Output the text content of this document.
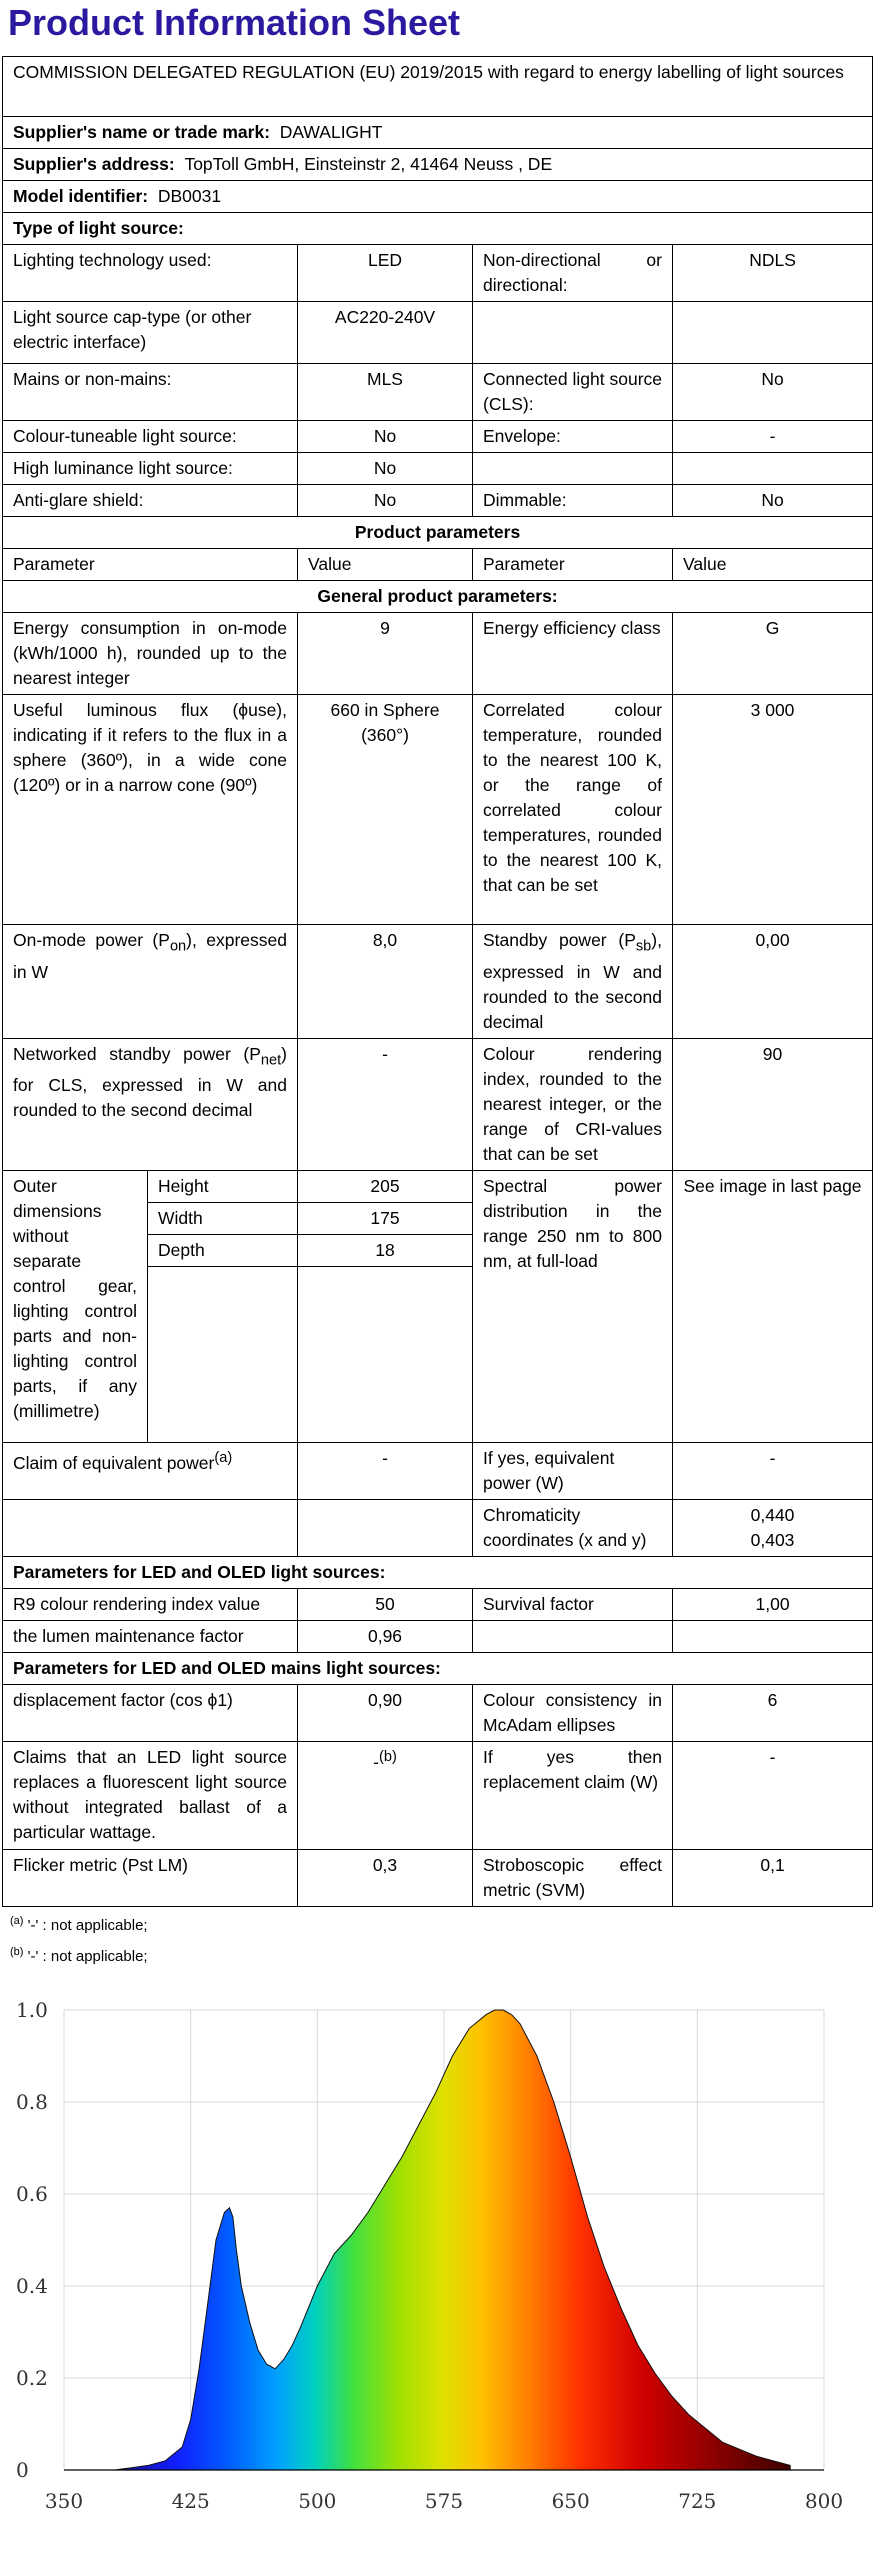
Product Information Sheet
COMMISSION DELEGATED REGULATION (EU) 2019/2015 with regard to energy labelling of light sources				
Supplier's name or trade mark: DAWALIGHT				
Supplier's address: TopToll GmbH, Einsteinstr 2, 41464 Neuss , DE				
Model identifier: DB0031				
Type of light source:				
Lighting technology used:		LED	Non-directional or directional:	NDLS
Light source cap-type (or other electric interface)		AC220-240V		
Mains or non-mains:		MLS	Connected light source (CLS):	No
Colour-tuneable light source:		No	Envelope:	-
High luminance light source:		No		
Anti-glare shield:		No	Dimmable:	No
Product parameters				
Parameter		Value	Parameter	Value
General product parameters:				
Energy consumption in on-mode (kWh/1000 h), rounded up to the nearest integer		9	Energy efficiency class	G
Useful luminous flux (ϕuse), indicating if it refers to the flux in a sphere (360º), in a wide cone (120º) or in a narrow cone (90º)		660 in Sphere (360°)	Correlated colour temperature, rounded to the nearest 100 K, or the range of correlated colour temperatures, rounded to the nearest 100 K, that can be set	3 000
On-mode power $(P_{on})$, expressed in W		8,0	Standby power $(P_{sb})$, expressed in W and rounded to the second decimal	0,00
Networked standby power $(P_{net})$ for CLS, expressed in W and rounded to the second decimal		-	Colour rendering index, rounded to the nearest integer, or the range of CRI-values that can be set	90
Outer dimensions without separate control gear, lighting control parts and non-lighting control parts, if any (millimetre)	Height	205	Spectral power distribution in the range 250 nm to 800 nm, at full-load	See image in last page
	Width	175		
	Depth	18		

Claim of equivalent power$^{(a)}$		-	If yes, equivalent power (W)	-
			Chromaticity coordinates (x and y)	0,440
0,403

Parameters for LED and OLED light sources:				
R9 colour rendering index value		50	Survival factor	1,00
the lumen maintenance factor		0,96		
Parameters for LED and OLED mains light sources:				
displacement factor (cos ϕ1)		0,90	Colour consistency in McAdam ellipses	6
Claims that an LED light source replaces a fluorescent light source without integrated ballast of a particular wattage.		-$^{(b)}$	If yes then replacement claim (W)	-
Flicker metric (Pst LM)		0,3	Stroboscopic effect metric (SVM)	0,1
$^{(a)}$ '-' : not applicable;
$^{(b)}$ '-' : not applicable;
350	425	500	575	650	725	800
0
0.2
0.4
0.6
0.8
1.0
